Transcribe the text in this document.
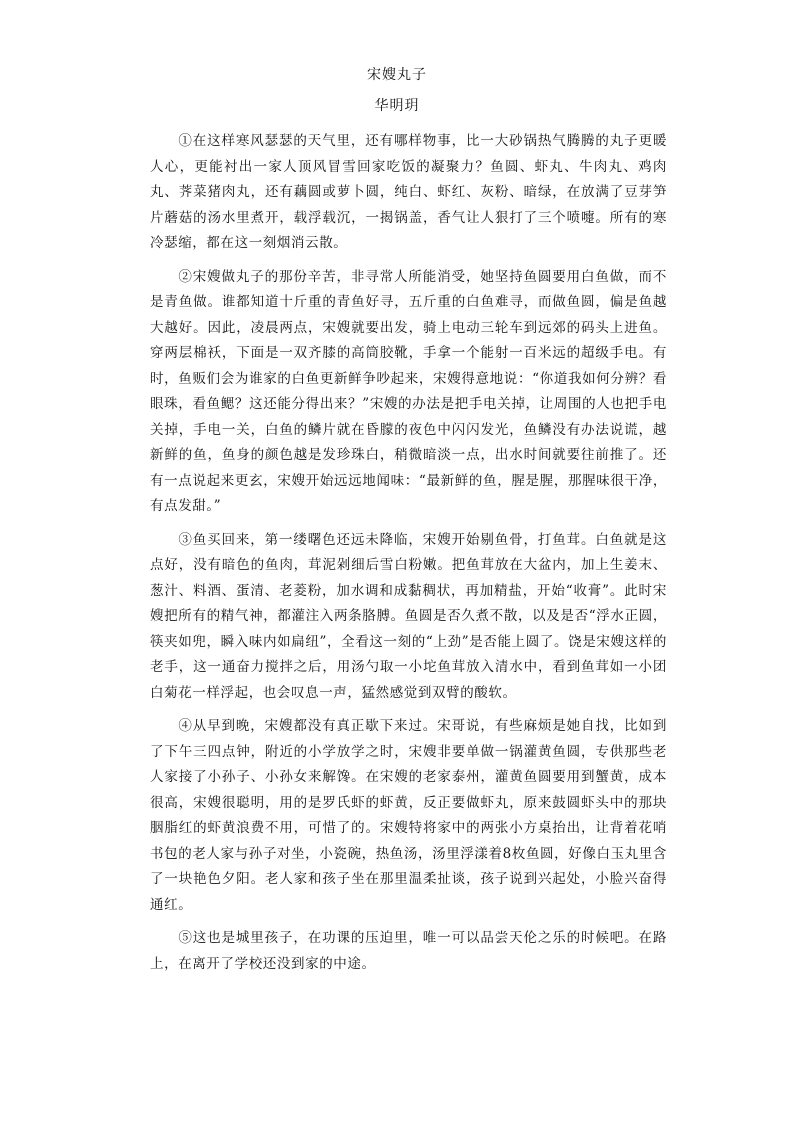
宋嫂丸子
华明玥

①在这样寒风瑟瑟的天气里，还有哪样物事，比一大砂锅热气腾腾的丸子更暖人心，更能衬出一家人顶风冒雪回家吃饭的凝聚力？鱼圆、虾丸、牛肉丸、鸡肉丸、荠菜猪肉丸，还有藕圆或萝卜圆，纯白、虾红、灰粉、暗绿，在放满了豆芽笋片蘑菇的汤水里煮开，载浮载沉，一揭锅盖，香气让人狠打了三个喷嚏。所有的寒冷瑟缩，都在这一刻烟消云散。

②宋嫂做丸子的那份辛苦，非寻常人所能消受，她坚持鱼圆要用白鱼做，而不是青鱼做。谁都知道十斤重的青鱼好寻，五斤重的白鱼难寻，而做鱼圆，偏是鱼越大越好。因此，凌晨两点，宋嫂就要出发，骑上电动三轮车到远郊的码头上进鱼。穿两层棉袄，下面是一双齐膝的高筒胶靴，手拿一个能射一百米远的超级手电。有时，鱼贩们会为谁家的白鱼更新鲜争吵起来，宋嫂得意地说：“你道我如何分辨？看眼珠，看鱼鳃？这还能分得出来？”宋嫂的办法是把手电关掉，让周围的人也把手电关掉，手电一关，白鱼的鳞片就在昏朦的夜色中闪闪发光，鱼鳞没有办法说谎，越新鲜的鱼，鱼身的颜色越是发珍珠白，稍微暗淡一点，出水时间就要往前推了。还有一点说起来更玄，宋嫂开始远远地闻味：“最新鲜的鱼，腥是腥，那腥味很干净，有点发甜。”

③鱼买回来，第一缕曙色还远未降临，宋嫂开始剔鱼骨，打鱼茸。白鱼就是这点好，没有暗色的鱼肉，茸泥剁细后雪白粉嫩。把鱼茸放在大盆内，加上生姜末、葱汁、料酒、蛋清、老菱粉，加水调和成黏稠状，再加精盐，开始“收膏”。此时宋嫂把所有的精气神，都灌注入两条胳膊。鱼圆是否久煮不散，以及是否“浮水正圆，筷夹如兜，瞬入味内如扁纽”，全看这一刻的“上劲”是否能上圆了。饶是宋嫂这样的老手，这一通奋力搅拌之后，用汤勺取一小坨鱼茸放入清水中，看到鱼茸如一小团白菊花一样浮起，也会叹息一声，猛然感觉到双臂的酸软。

④从早到晚，宋嫂都没有真正歇下来过。宋哥说，有些麻烦是她自找，比如到了下午三四点钟，附近的小学放学之时，宋嫂非要单做一锅灌黄鱼圆，专供那些老人家接了小孙子、小孙女来解馋。在宋嫂的老家泰州，灌黄鱼圆要用到蟹黄，成本很高，宋嫂很聪明，用的是罗氏虾的虾黄，反正要做虾丸，原来鼓圆虾头中的那块胭脂红的虾黄浪费不用，可惜了的。宋嫂特将家中的两张小方桌抬出，让背着花哨书包的老人家与孙子对坐，小瓷碗，热鱼汤，汤里浮漾着8枚鱼圆，好像白玉丸里含了一块艳色夕阳。老人家和孩子坐在那里温柔扯谈，孩子说到兴起处，小脸兴奋得通红。

⑤这也是城里孩子，在功课的压迫里，唯一可以品尝天伦之乐的时候吧。在路上，在离开了学校还没到家的中途。
